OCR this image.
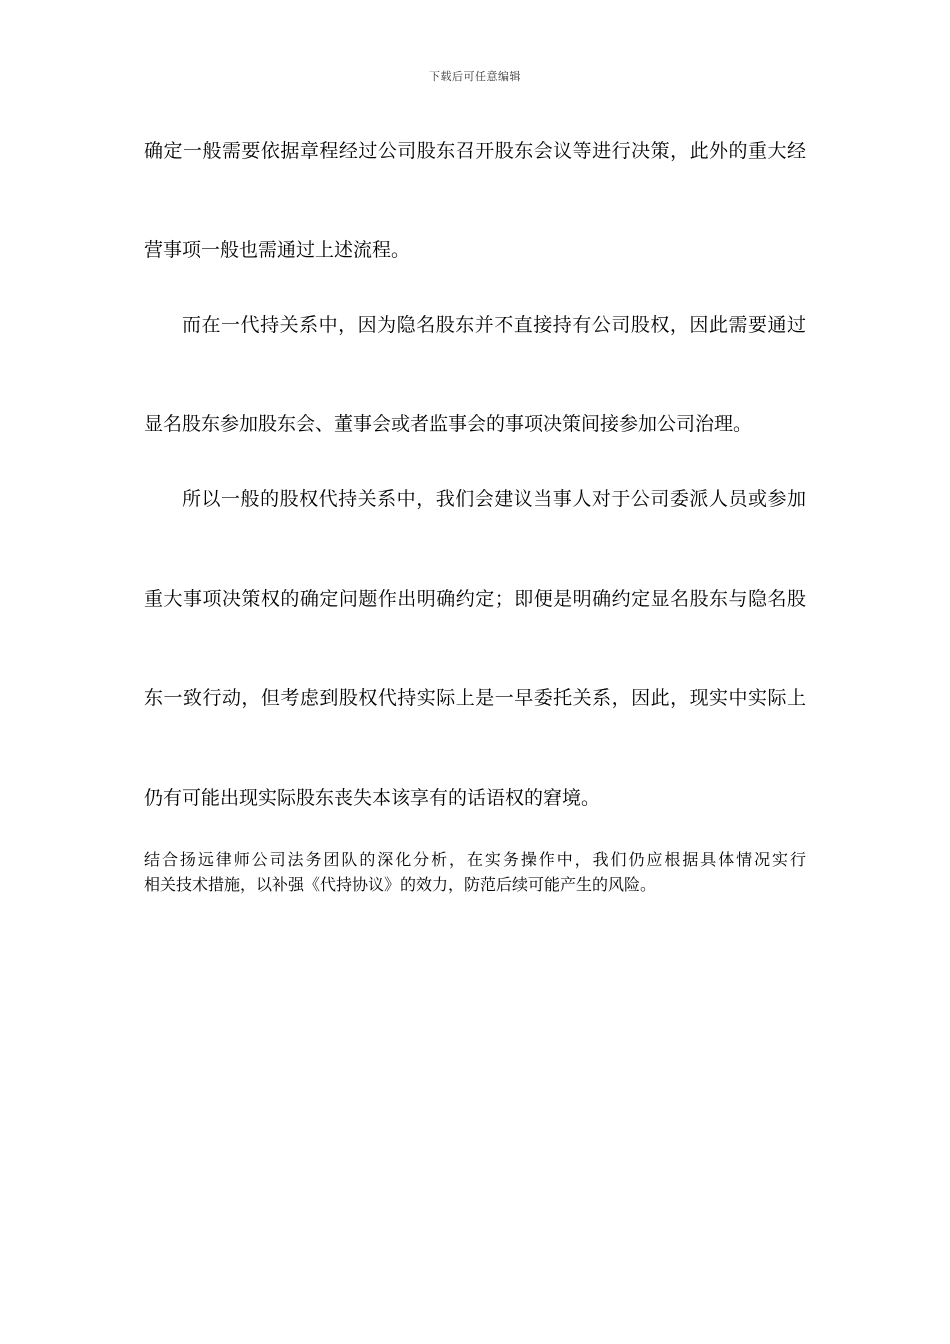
下载后可任意编辑
确定一般需要依据章程经过公司股东召开股东会议等进行决策，此外的重大经
营事项一般也需通过上述流程。
而在一代持关系中，因为隐名股东并不直接持有公司股权，因此需要通过
显名股东参加股东会、董事会或者监事会的事项决策间接参加公司治理。
所以一般的股权代持关系中，我们会建议当事人对于公司委派人员或参加
重大事项决策权的确定问题作出明确约定；即便是明确约定显名股东与隐名股
东一致行动，但考虑到股权代持实际上是一早委托关系，因此，现实中实际上
仍有可能出现实际股东丧失本该享有的话语权的窘境。
结合扬远律师公司法务团队的深化分析，在实务操作中，我们仍应根据具体情况实行
相关技术措施，以补强《代持协议》的效力，防范后续可能产生的风险。
